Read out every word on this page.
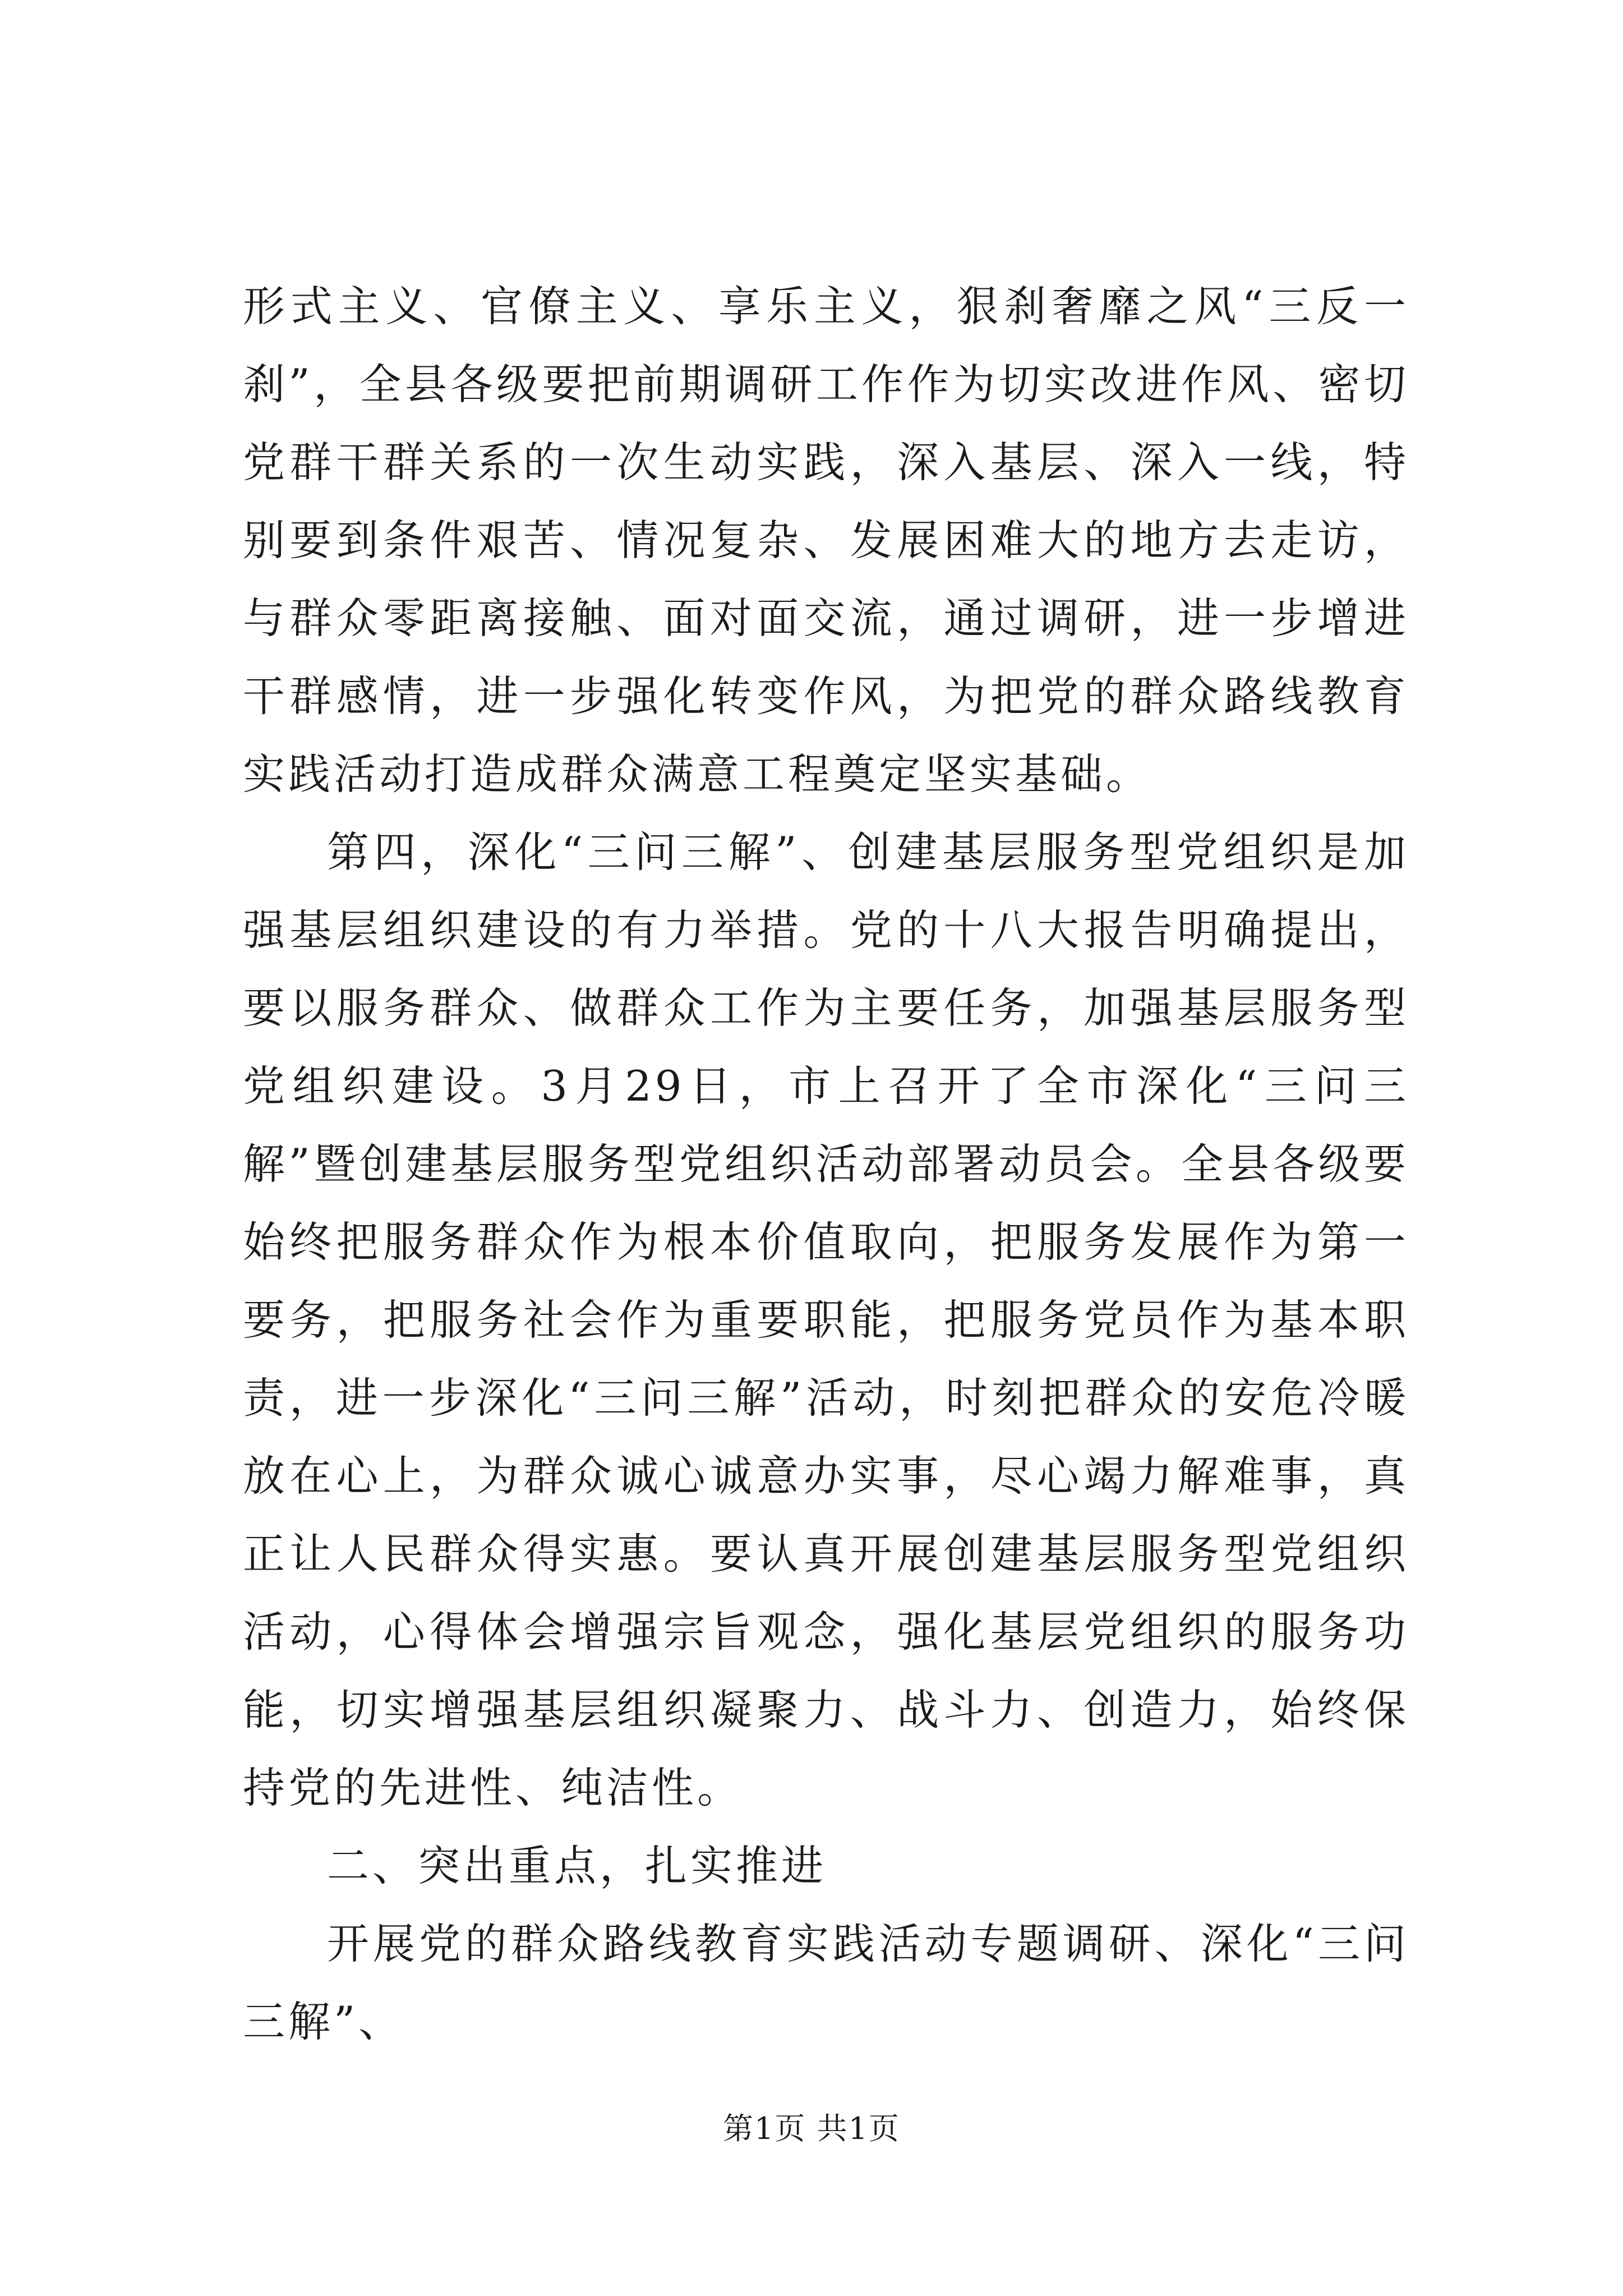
形式主义、官僚主义、享乐主义，狠刹奢靡之风“三反一刹”，全县各级要把前期调研工作作为切实改进作风、密切党群干群关系的一次生动实践，深入基层、深入一线，特别要到条件艰苦、情况复杂、发展困难大的地方去走访，与群众零距离接触、面对面交流，通过调研，进一步增进干群感情，进一步强化转变作风，为把党的群众路线教育实践活动打造成群众满意工程奠定坚实基础。

第四，深化“三问三解”、创建基层服务型党组织是加强基层组织建设的有力举措。党的十八大报告明确提出，要以服务群众、做群众工作为主要任务，加强基层服务型党组织建设。3月29日，市上召开了全市深化“三问三解”暨创建基层服务型党组织活动部署动员会。全县各级要始终把服务群众作为根本价值取向，把服务发展作为第一要务，把服务社会作为重要职能，把服务党员作为基本职责，进一步深化“三问三解”活动，时刻把群众的安危冷暖放在心上，为群众诚心诚意办实事，尽心竭力解难事，真正让人民群众得实惠。要认真开展创建基层服务型党组织活动，心得体会增强宗旨观念，强化基层党组织的服务功能，切实增强基层组织凝聚力、战斗力、创造力，始终保持党的先进性、纯洁性。

二、突出重点，扎实推进

开展党的群众路线教育实践活动专题调研、深化“三问三解”、

第1页 共1页
